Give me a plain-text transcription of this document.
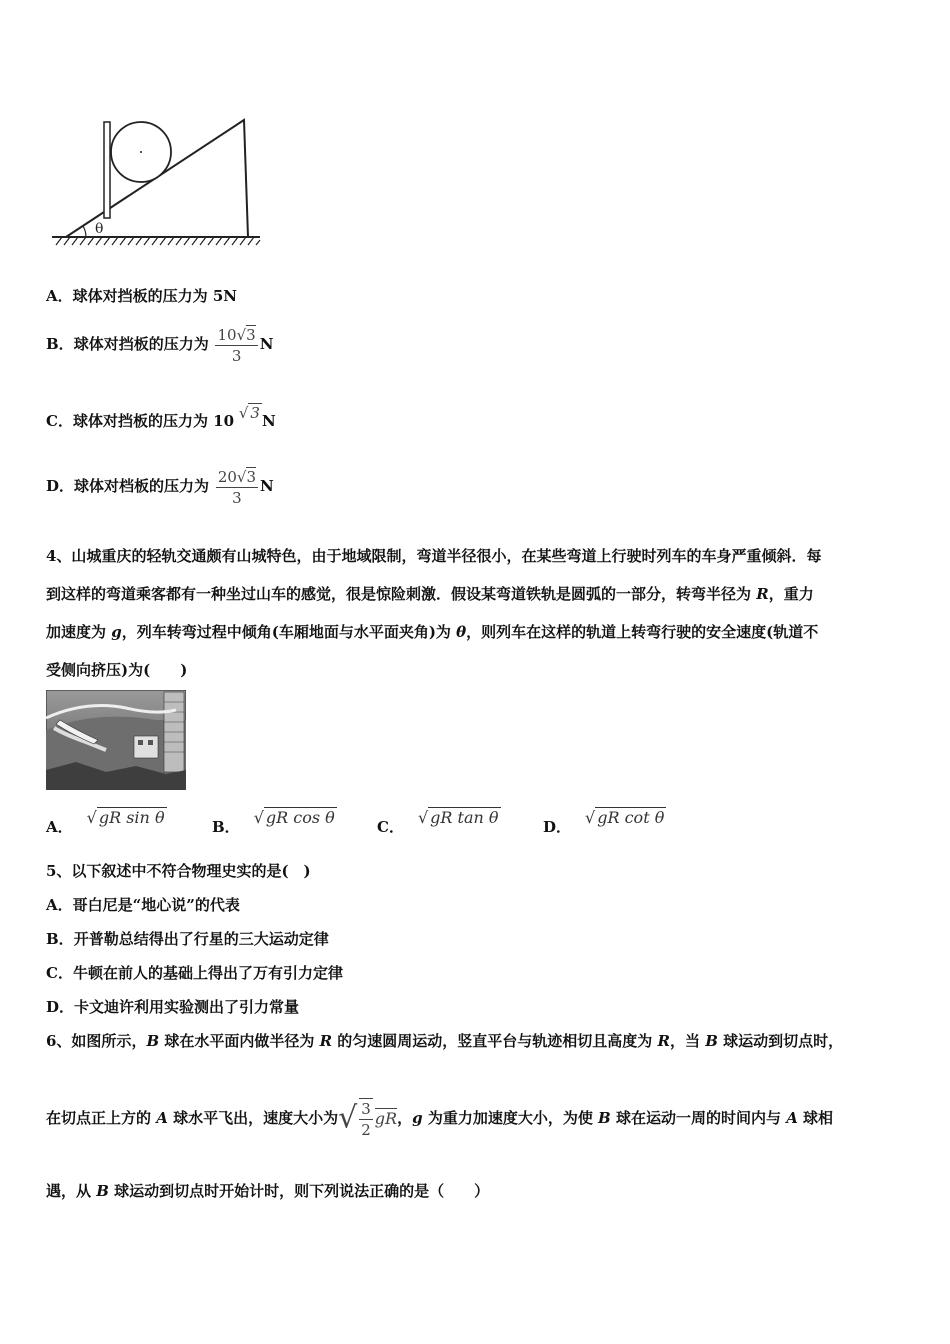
θ
A．球体对挡板的压力为 5N
B．球体对挡板的压力为 $\frac{10√3}{3}$ N
C．球体对挡板的压力为 10 √ 3 N
D．球体对档板的压力为 $\frac{20√3}{3}$ N
4、山城重庆的轻轨交通颇有山城特色，由于地域限制，弯道半径很小，在某些弯道上行驶时列车的车身严重倾斜．每
到这样的弯道乘客都有一种坐过山车的感觉，很是惊险刺激．假设某弯道铁轨是圆弧的一部分，转弯半径为 R，重力
加速度为 g，列车转弯过程中倾角(车厢地面与水平面夹角)为 θ，则列车在这样的轨道上转弯行驶的安全速度(轨道不
受侧向挤压)为(　　)
A． √ gR sin θ	B． √ gR cos θ	C． √ gR tan θ	D． √ gR cot θ
5、以下叙述中不符合物理史实的是(　)
A．哥白尼是“地心说”的代表
B．开普勒总结得出了行星的三大运动定律
C．牛顿在前人的基础上得出了万有引力定律
D．卡文迪许利用实验测出了引力常量
6、如图所示，B 球在水平面内做半径为 R 的匀速圆周运动，竖直平台与轨迹相切且高度为 R，当 B 球运动到切点时，
在切点正上方的 A 球水平飞出，速度大小为√ $\frac{3}{2}$ gR，g 为重力加速度大小，为使 B 球在运动一周的时间内与 A 球相
遇，从 B 球运动到切点时开始计时，则下列说法正确的是（　　）
